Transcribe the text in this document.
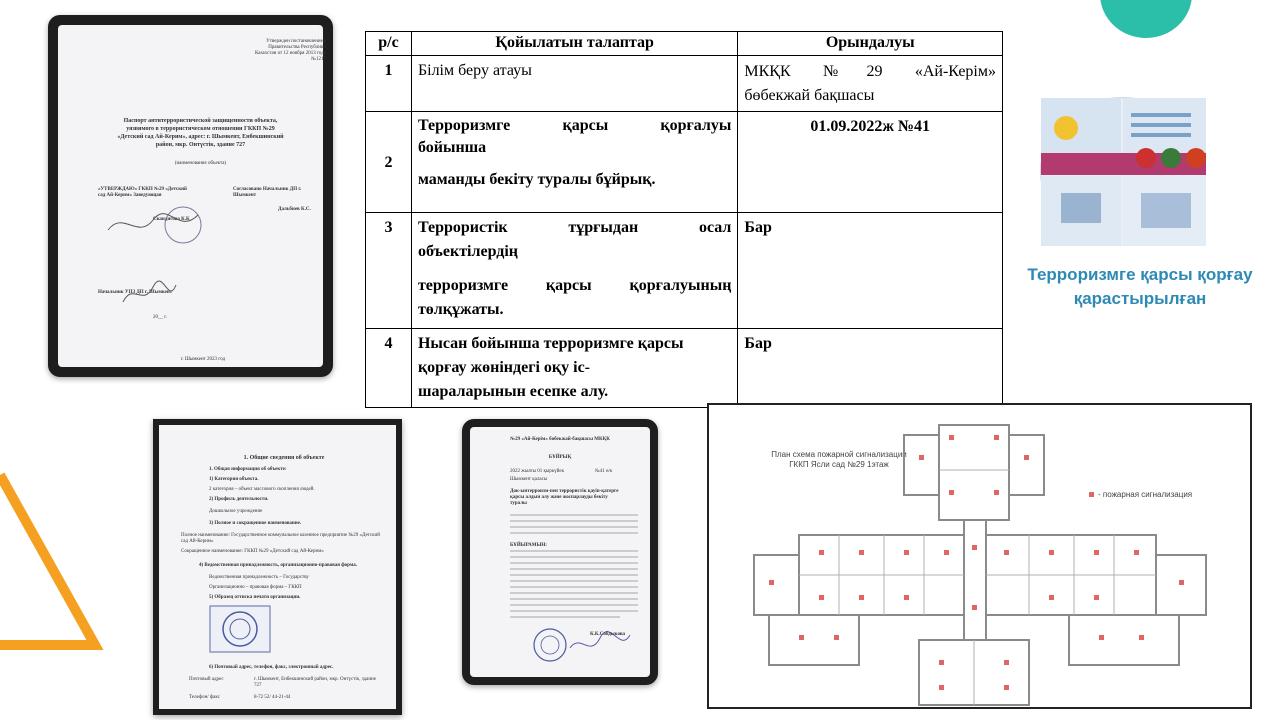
Утвержден постановлением Правительства Республики Казахстан от 12 ноября 2013 года №1217
Паспорт антитеррористической защищенности объекта, уязвимого в террористическом отношении ГККП №29 «Детский сад Ай-Керим», адрес: г. Шымкент, Енбекшинский район, мкр. Онтүстік, здание 727
(наименование объекта)
«УТВЕРЖДАЮ» ГККП №29 «Детский сад Ай-Керим» Заведующая
Согласовано Начальник ДП г. Шымкент
Скандигова К.К
Дальбиев К.С.
Начальник УПЗ ДП г. Шымкент
20__ г.
г. Шымкент 2023 год
р/с	Қойылатын талаптар	Орындалуы
1	Білім беру атауы	МКҚК №29 «Ай-Керім»
бөбекжай бақшасы

2	Терроризмге қарсы қорғалуы
бойынша
маманды бекіту туралы бұйрық.	01.09.2022ж №41
3	Террористік тұрғыдан осал
объектілердің
терроризмге қарсы қорғалуының
төлқұжаты.	Бар
4	Нысан бойынша терроризмге қарсы
қорғау жөніндегі оқу іс-
шараларынын есепке алу.	Бар
Терроризмге қарсы қорғау
қарастырылған
1. Общие сведения об объекте
1. Общая информация об объекте:
1) Категория объекта.
2 категория – объект массового скопления людей.
2) Профиль деятельности.
Дошкольное учреждение
3) Полное и сокращенное наименование.
Полное наименование: Государственное коммунальное казенное предприятие №29 «Детский сад Ай-Керим»
Сокращенное наименование: ГККП №29 «Детский сад Ай-Керим»
4) Ведомственная принадлежность, организационно-правовая форма.
Ведомственная принадлежность – Государству
Организационно – правовая форма – ГККП
5) Образец оттиска печати организации.
6) Почтовый адрес, телефон, факс, электронный адрес.
Почтовый адрес	г. Шымкент, Енбекшинский район, мкр. Онтүстік, здание 727
Телефон/ факс	8-72 52/ 44-21-44
№29 «Ай-Керім» бөбекжай-бақшасы МКҚК
БҰЙРЫҚ
2022 жылғы 01 қыркүйек	№41 ө/к
Шымкент қаласы
Док-ынтерроизм-пен террористік қауіп-қатерге қарсы алдын алу және жоспарлауды бекіту туралы
БҰЙЫРАМЫН:
К.К.Сабдыкова
План схема пожарной сигнализации ГККП Ясли сад №29 1этаж
- пожарная сигнализация
